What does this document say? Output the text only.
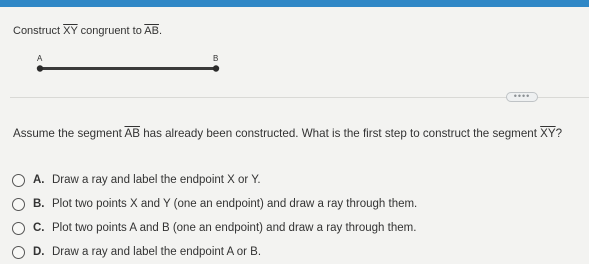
Construct $\overline{XY}$ congruent to $\overline{AB}$.
A	B
••••
Assume the segment $\overline{AB}$ has already been constructed. What is the first step to construct the segment $\overline{XY}$?
A. Draw a ray and label the endpoint X or Y.
B. Plot two points X and Y (one an endpoint) and draw a ray through them.
C. Plot two points A and B (one an endpoint) and draw a ray through them.
D. Draw a ray and label the endpoint A or B.
